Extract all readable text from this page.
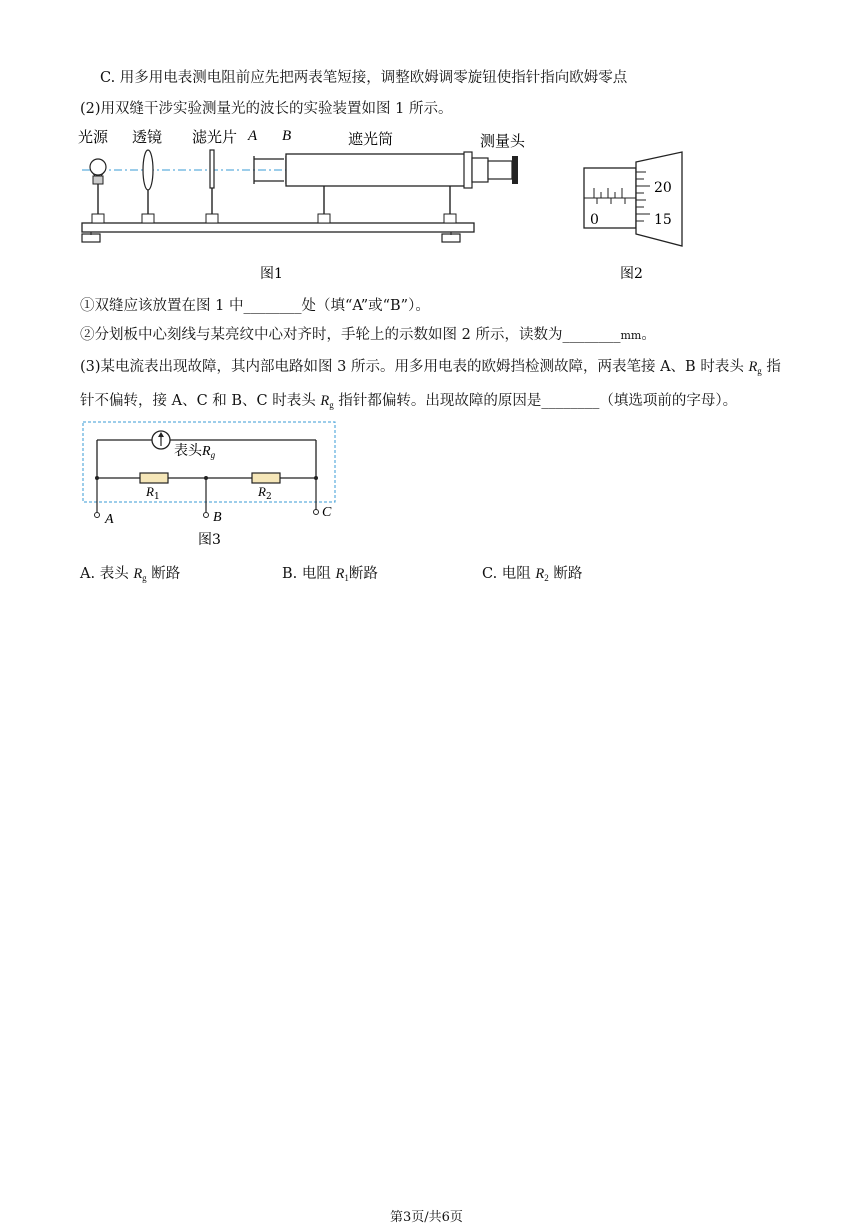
C. 用多用电表测电阻前应先把两表笔短接，调整欧姆调零旋钮使指针指向欧姆零点
(2)用双缝干涉实验测量光的波长的实验装置如图 1 所示。
光源 透镜 滤光片 A B	遮光筒	测量头
图1
0
20
15
图2
①双缝应该放置在图 1 中________处（填“A”或“B”）。
②分划板中心刻线与某亮纹中心对齐时，手轮上的示数如图 2 所示，读数为________mm。
(3)某电流表出现故障，其内部电路如图 3 所示。用多用电表的欧姆挡检测故障，两表笔接 A、B 时表头 $R_g$ 指
针不偏转，接 A、C 和 B、C 时表头 $R_g$ 指针都偏转。出现故障的原因是________（填选项前的字母）。
表头$R_g$
$R_1$	$R_2$
A	B	C
图3
A. 表头 $R_g$ 断路	B. 电阻 $R_1$断路	C. 电阻 $R_2$ 断路
第3页/共6页
